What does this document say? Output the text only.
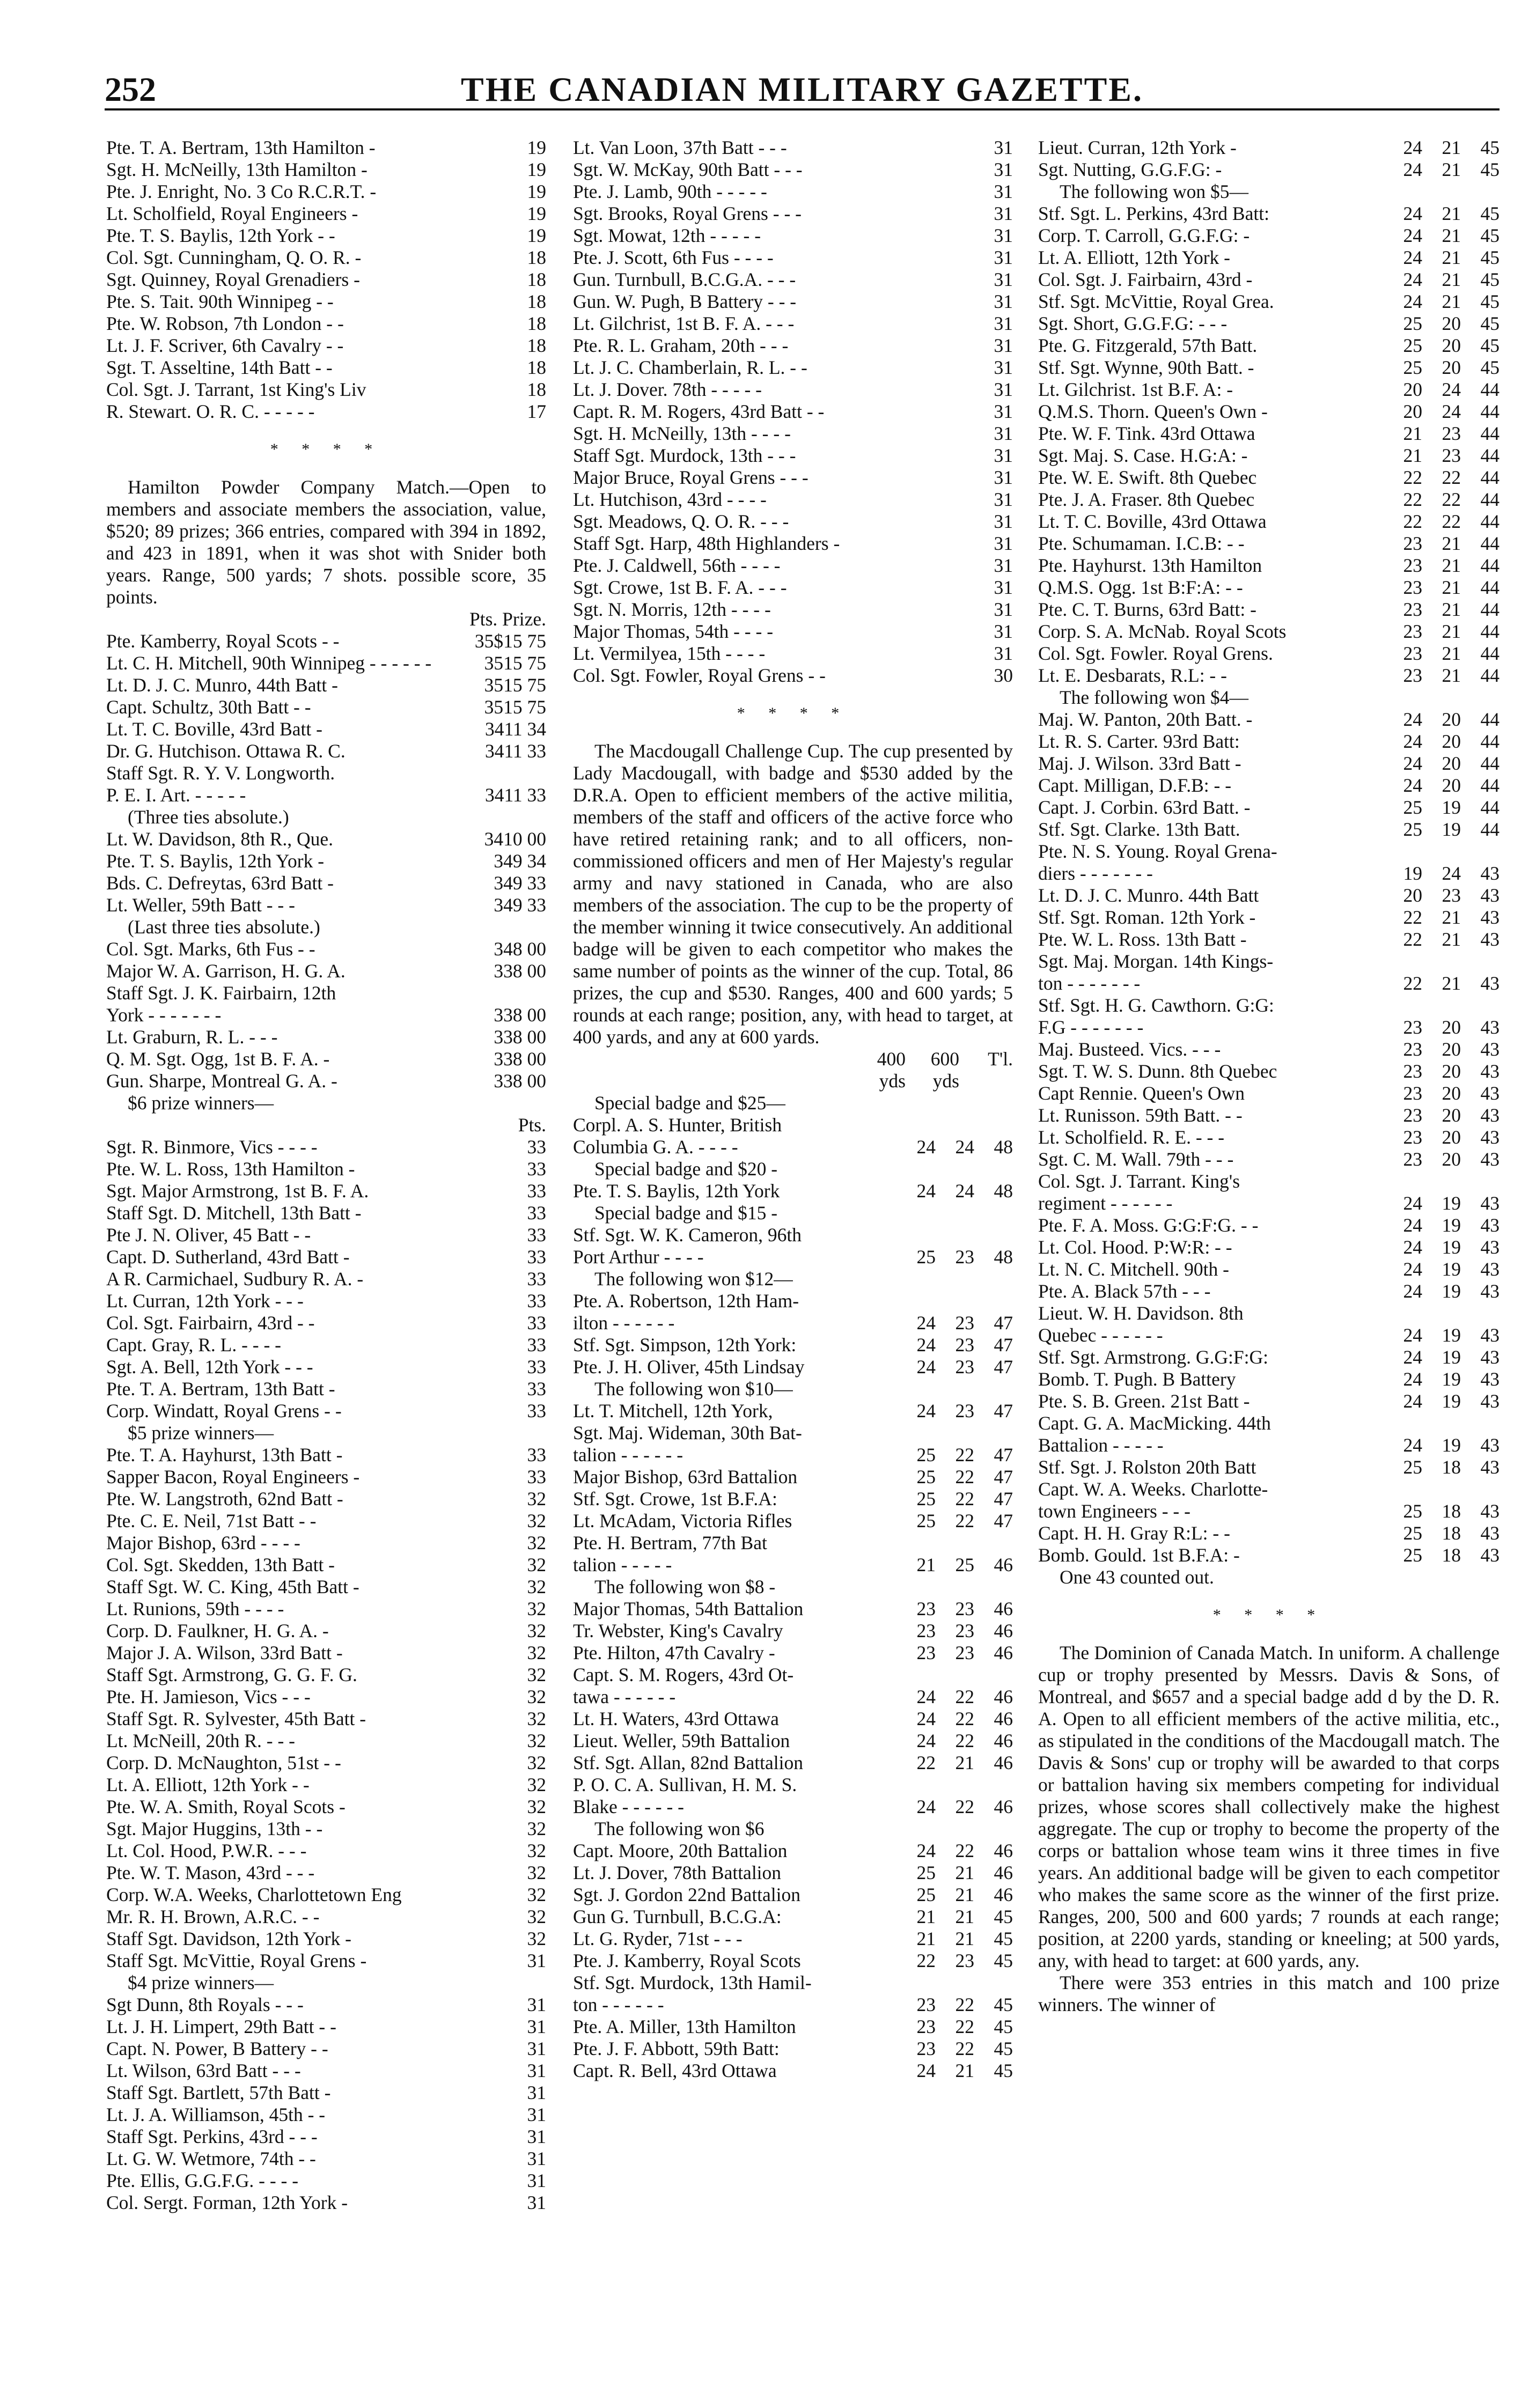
252	THE CANADIAN MILITARY GAZETTE.
Pte. T. A. Bertram, 13th Hamilton -	19
Sgt. H. McNeilly, 13th Hamilton -	19
Pte. J. Enright, No. 3 Co R.C.R.T. -	19
Lt. Scholfield, Royal Engineers -	19
Pte. T. S. Baylis, 12th York - -	19
Col. Sgt. Cunningham, Q. O. R. -	18
Sgt. Quinney, Royal Grenadiers -	18
Pte. S. Tait. 90th Winnipeg - -	18
Pte. W. Robson, 7th London - -	18
Lt. J. F. Scriver, 6th Cavalry - -	18
Sgt. T. Asseltine, 14th Batt - -	18
Col. Sgt. J. Tarrant, 1st King's Liv	18
R. Stewart. O. R. C. - - - - -	17
* * * *
Hamilton Powder Company Match.—Open to members and associate members the association, value, $520; 89 prizes; 366 entries, compared with 394 in 1892, and 423 in 1891, when it was shot with Snider both years. Range, 500 yards; 7 shots. possible score, 35 points.
Pts. Prize.
Pte. Kamberry, Royal Scots - -	35 $15 75
Lt. C. H. Mitchell, 90th Winnipeg - - - - - -	35 15 75
Lt. D. J. C. Munro, 44th Batt -	35 15 75
Capt. Schultz, 30th Batt - -	35 15 75
Lt. T. C. Boville, 43rd Batt -	34 11 34
Dr. G. Hutchison. Ottawa R. C.	34 11 33
Staff Sgt. R. Y. V. Longworth.
P. E. I. Art. - - - - -	34 11 33
(Three ties absolute.)
Lt. W. Davidson, 8th R., Que.	34 10 00
Pte. T. S. Baylis, 12th York -	34 9 34
Bds. C. Defreytas, 63rd Batt -	34 9 33
Lt. Weller, 59th Batt - - -	34 9 33
(Last three ties absolute.)
Col. Sgt. Marks, 6th Fus - -	34 8 00
Major W. A. Garrison, H. G. A.	33 8 00
Staff Sgt. J. K. Fairbairn, 12th
York - - - - - - -	33 8 00
Lt. Graburn, R. L. - - -	33 8 00
Q. M. Sgt. Ogg, 1st B. F. A. -	33 8 00
Gun. Sharpe, Montreal G. A. -	33 8 00
$6 prize winners—
Pts.
Sgt. R. Binmore, Vics - - - -	33
Pte. W. L. Ross, 13th Hamilton -	33
Sgt. Major Armstrong, 1st B. F. A.	33
Staff Sgt. D. Mitchell, 13th Batt -	33
Pte J. N. Oliver, 45 Batt - -	33
Capt. D. Sutherland, 43rd Batt -	33
A R. Carmichael, Sudbury R. A. -	33
Lt. Curran, 12th York - - -	33
Col. Sgt. Fairbairn, 43rd - -	33
Capt. Gray, R. L. - - - -	33
Sgt. A. Bell, 12th York - - -	33
Pte. T. A. Bertram, 13th Batt -	33
Corp. Windatt, Royal Grens - -	33
$5 prize winners—
Pte. T. A. Hayhurst, 13th Batt -	33
Sapper Bacon, Royal Engineers -	33
Pte. W. Langstroth, 62nd Batt -	32
Pte. C. E. Neil, 71st Batt - -	32
Major Bishop, 63rd - - - -	32
Col. Sgt. Skedden, 13th Batt -	32
Staff Sgt. W. C. King, 45th Batt -	32
Lt. Runions, 59th - - - -	32
Corp. D. Faulkner, H. G. A. -	32
Major J. A. Wilson, 33rd Batt -	32
Staff Sgt. Armstrong, G. G. F. G.	32
Pte. H. Jamieson, Vics - - -	32
Staff Sgt. R. Sylvester, 45th Batt -	32
Lt. McNeill, 20th R. - - -	32
Corp. D. McNaughton, 51st - -	32
Lt. A. Elliott, 12th York - -	32
Pte. W. A. Smith, Royal Scots -	32
Sgt. Major Huggins, 13th - -	32
Lt. Col. Hood, P.W.R. - - -	32
Pte. W. T. Mason, 43rd - - -	32
Corp. W.A. Weeks, Charlottetown Eng	32
Mr. R. H. Brown, A.R.C. - -	32
Staff Sgt. Davidson, 12th York -	32
Staff Sgt. McVittie, Royal Grens -	31
$4 prize winners—
Sgt Dunn, 8th Royals - - -	31
Lt. J. H. Limpert, 29th Batt - -	31
Capt. N. Power, B Battery - -	31
Lt. Wilson, 63rd Batt - - -	31
Staff Sgt. Bartlett, 57th Batt -	31
Lt. J. A. Williamson, 45th - -	31
Staff Sgt. Perkins, 43rd - - -	31
Lt. G. W. Wetmore, 74th - -	31
Pte. Ellis, G.G.F.G. - - - -	31
Col. Sergt. Forman, 12th York -	31
Lt. Van Loon, 37th Batt - - -	31
Sgt. W. McKay, 90th Batt - - -	31
Pte. J. Lamb, 90th - - - - -	31
Sgt. Brooks, Royal Grens - - -	31
Sgt. Mowat, 12th - - - - -	31
Pte. J. Scott, 6th Fus - - - -	31
Gun. Turnbull, B.C.G.A. - - -	31
Gun. W. Pugh, B Battery - - -	31
Lt. Gilchrist, 1st B. F. A. - - -	31
Pte. R. L. Graham, 20th - - -	31
Lt. J. C. Chamberlain, R. L. - -	31
Lt. J. Dover. 78th - - - - -	31
Capt. R. M. Rogers, 43rd Batt - -	31
Sgt. H. McNeilly, 13th - - - -	31
Staff Sgt. Murdock, 13th - - -	31
Major Bruce, Royal Grens - - -	31
Lt. Hutchison, 43rd - - - -	31
Sgt. Meadows, Q. O. R. - - -	31
Staff Sgt. Harp, 48th Highlanders -	31
Pte. J. Caldwell, 56th - - - -	31
Sgt. Crowe, 1st B. F. A. - - -	31
Sgt. N. Morris, 12th - - - -	31
Major Thomas, 54th - - - -	31
Lt. Vermilyea, 15th - - - -	31
Col. Sgt. Fowler, Royal Grens - -	30
* * * *
The Macdougall Challenge Cup. The cup presented by Lady Macdougall, with badge and $530 added by the D.R.A. Open to efficient members of the active militia, members of the staff and officers of the active force who have retired retaining rank; and to all officers, non-commissioned officers and men of Her Majesty's regular army and navy stationed in Canada, who are also members of the association. The cup to be the property of the member winning it twice consecutively. An additional badge will be given to each competitor who makes the same number of points as the winner of the cup. Total, 86 prizes, the cup and $530. Ranges, 400 and 600 yards; 5 rounds at each range; position, any, with head to target, at 400 yards, and any at 600 yards.
400 yds
600 yds
T'l.
Special badge and $25—
Corpl. A. S. Hunter, British
Columbia G. A. - - - -	24	24	48
Special badge and $20 -
Pte. T. S. Baylis, 12th York	24	24	48
Special badge and $15 -
Stf. Sgt. W. K. Cameron, 96th
Port Arthur - - - -	25	23	48
The following won $12—
Pte. A. Robertson, 12th Ham-
ilton - - - - - -	24	23	47
Stf. Sgt. Simpson, 12th York:	24	23	47
Pte. J. H. Oliver, 45th Lindsay	24	23	47
The following won $10—
Lt. T. Mitchell, 12th York,	24	23	47
Sgt. Maj. Wideman, 30th Bat-
talion - - - - - -	25	22	47
Major Bishop, 63rd Battalion	25	22	47
Stf. Sgt. Crowe, 1st B.F.A:	25	22	47
Lt. McAdam, Victoria Rifles	25	22	47
Pte. H. Bertram, 77th Bat
talion - - - - -	21	25	46
The following won $8 -
Major Thomas, 54th Battalion	23	23	46
Tr. Webster, King's Cavalry	23	23	46
Pte. Hilton, 47th Cavalry -	23	23	46
Capt. S. M. Rogers, 43rd Ot-
tawa - - - - - -	24	22	46
Lt. H. Waters, 43rd Ottawa	24	22	46
Lieut. Weller, 59th Battalion	24	22	46
Stf. Sgt. Allan, 82nd Battalion	22	21	46
P. O. C. A. Sullivan, H. M. S.
Blake - - - - - -	24	22	46
The following won $6
Capt. Moore, 20th Battalion	24	22	46
Lt. J. Dover, 78th Battalion	25	21	46
Sgt. J. Gordon 22nd Battalion	25	21	46
Gun G. Turnbull, B.C.G.A:	21	21	45
Lt. G. Ryder, 71st - - -	21	21	45
Pte. J. Kamberry, Royal Scots	22	23	45
Stf. Sgt. Murdock, 13th Hamil-
ton - - - - - -	23	22	45
Pte. A. Miller, 13th Hamilton	23	22	45
Pte. J. F. Abbott, 59th Batt:	23	22	45
Capt. R. Bell, 43rd Ottawa	24	21	45
Lieut. Curran, 12th York -	24	21	45
Sgt. Nutting, G.G.F.G: -	24	21	45
The following won $5—
Stf. Sgt. L. Perkins, 43rd Batt:	24	21	45
Corp. T. Carroll, G.G.F.G: -	24	21	45
Lt. A. Elliott, 12th York -	24	21	45
Col. Sgt. J. Fairbairn, 43rd -	24	21	45
Stf. Sgt. McVittie, Royal Grea.	24	21	45
Sgt. Short, G.G.F.G: - - -	25	20	45
Pte. G. Fitzgerald, 57th Batt.	25	20	45
Stf. Sgt. Wynne, 90th Batt. -	25	20	45
Lt. Gilchrist. 1st B.F. A: -	20	24	44
Q.M.S. Thorn. Queen's Own -	20	24	44
Pte. W. F. Tink. 43rd Ottawa	21	23	44
Sgt. Maj. S. Case. H.G:A: -	21	23	44
Pte. W. E. Swift. 8th Quebec	22	22	44
Pte. J. A. Fraser. 8th Quebec	22	22	44
Lt. T. C. Boville, 43rd Ottawa	22	22	44
Pte. Schumaman. I.C.B: - -	23	21	44
Pte. Hayhurst. 13th Hamilton	23	21	44
Q.M.S. Ogg. 1st B:F:A: - -	23	21	44
Pte. C. T. Burns, 63rd Batt: -	23	21	44
Corp. S. A. McNab. Royal Scots	23	21	44
Col. Sgt. Fowler. Royal Grens.	23	21	44
Lt. E. Desbarats, R.L: - -	23	21	44
The following won $4—
Maj. W. Panton, 20th Batt. -	24	20	44
Lt. R. S. Carter. 93rd Batt:	24	20	44
Maj. J. Wilson. 33rd Batt -	24	20	44
Capt. Milligan, D.F.B: - -	24	20	44
Capt. J. Corbin. 63rd Batt. -	25	19	44
Stf. Sgt. Clarke. 13th Batt.	25	19	44
Pte. N. S. Young. Royal Grena-
diers - - - - - - -	19	24	43
Lt. D. J. C. Munro. 44th Batt	20	23	43
Stf. Sgt. Roman. 12th York -	22	21	43
Pte. W. L. Ross. 13th Batt -	22	21	43
Sgt. Maj. Morgan. 14th Kings-
ton - - - - - - -	22	21	43
Stf. Sgt. H. G. Cawthorn. G:G:
F.G - - - - - - -	23	20	43
Maj. Busteed. Vics. - - -	23	20	43
Sgt. T. W. S. Dunn. 8th Quebec	23	20	43
Capt Rennie. Queen's Own	23	20	43
Lt. Runisson. 59th Batt. - -	23	20	43
Lt. Scholfield. R. E. - - -	23	20	43
Sgt. C. M. Wall. 79th - - -	23	20	43
Col. Sgt. J. Tarrant. King's
regiment - - - - - -	24	19	43
Pte. F. A. Moss. G:G:F:G. - -	24	19	43
Lt. Col. Hood. P:W:R: - -	24	19	43
Lt. N. C. Mitchell. 90th -	24	19	43
Pte. A. Black 57th - - -	24	19	43
Lieut. W. H. Davidson. 8th
Quebec - - - - - -	24	19	43
Stf. Sgt. Armstrong. G.G:F:G:	24	19	43
Bomb. T. Pugh. B Battery	24	19	43
Pte. S. B. Green. 21st Batt -	24	19	43
Capt. G. A. MacMicking. 44th
Battalion - - - - -	24	19	43
Stf. Sgt. J. Rolston 20th Batt	25	18	43
Capt. W. A. Weeks. Charlotte-
town Engineers - - -	25	18	43
Capt. H. H. Gray R:L: - -	25	18	43
Bomb. Gould. 1st B.F.A: -	25	18	43
One 43 counted out.
* * * *
The Dominion of Canada Match. In uniform. A challenge cup or trophy presented by Messrs. Davis & Sons, of Montreal, and $657 and a special badge add d by the D. R. A. Open to all efficient members of the active militia, etc., as stipulated in the conditions of the Macdougall match. The Davis & Sons' cup or trophy will be awarded to that corps or battalion having six members competing for individual prizes, whose scores shall collectively make the highest aggregate. The cup or trophy to become the property of the corps or battalion whose team wins it three times in five years. An additional badge will be given to each competitor who makes the same score as the winner of the first prize. Ranges, 200, 500 and 600 yards; 7 rounds at each range; position, at 2200 yards, standing or kneeling; at 500 yards, any, with head to target: at 600 yards, any.
There were 353 entries in this match and 100 prize winners. The winner of
